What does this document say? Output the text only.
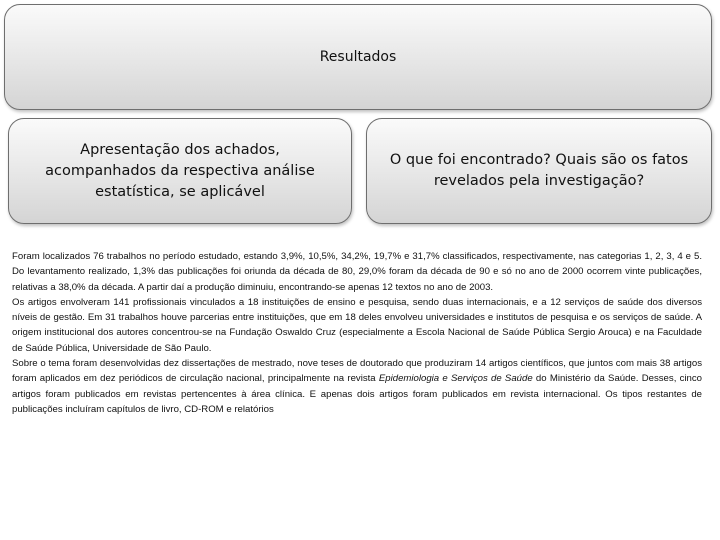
Resultados
Apresentação dos achados, acompanhados da respectiva análise estatística, se aplicável
O que foi encontrado? Quais são os fatos revelados pela investigação?

Foram localizados 76 trabalhos no período estudado, estando 3,9%, 10,5%, 34,2%, 19,7% e 31,7% classificados, respectivamente, nas categorias 1, 2, 3, 4 e 5. Do levantamento realizado, 1,3% das publicações foi oriunda da década de 80, 29,0% foram da década de 90 e só no ano de 2000 ocorrem vinte publicações, relativas a 38,0% da década. A partir daí a produção diminuiu, encontrando-se apenas 12 textos no ano de 2003.

Os artigos envolveram 141 profissionais vinculados a 18 instituições de ensino e pesquisa, sendo duas internacionais, e a 12 serviços de saúde dos diversos níveis de gestão. Em 31 trabalhos houve parcerias entre instituições, que em 18 deles envolveu universidades e institutos de pesquisa e os serviços de saúde. A origem institucional dos autores concentrou-se na Fundação Oswaldo Cruz (especialmente a Escola Nacional de Saúde Pública Sergio Arouca) e na Faculdade de Saúde Pública, Universidade de São Paulo.

Sobre o tema foram desenvolvidas dez dissertações de mestrado, nove teses de doutorado que produziram 14 artigos científicos, que juntos com mais 38 artigos foram aplicados em dez periódicos de circulação nacional, principalmente na revista Epidemiologia e Serviços de Saúde do Ministério da Saúde. Desses, cinco artigos foram publicados em revistas pertencentes à área clínica. E apenas dois artigos foram publicados em revista internacional. Os tipos restantes de publicações incluíram capítulos de livro, CD-ROM e relatórios
